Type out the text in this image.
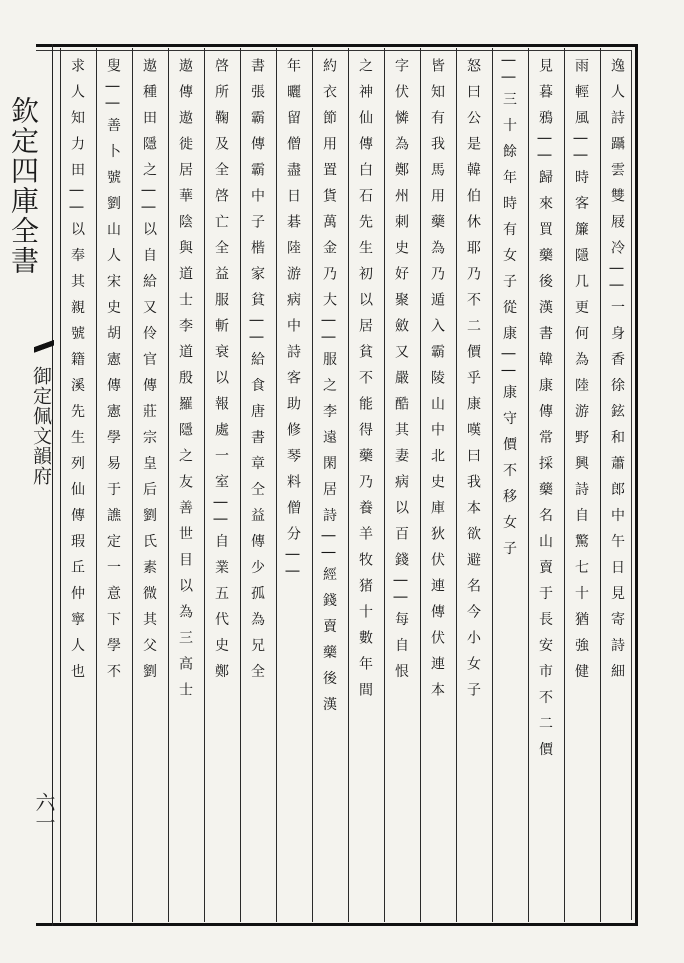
欽定四庫全書
御定佩文韻府
六一
逸人詩躡雲雙屐冷||一身香徐鉉和蕭郎中午日見寄詩細
雨輕風||時客簾隱几更何為陸游野興詩自驚七十猶強健
見暮鴉||歸來買藥後漢書韓康傳常採藥名山賣于長安市不二價
||三十餘年時有女子從康||康守價不移女子
怒曰公是韓伯休耶乃不二價乎康嘆曰我本欲避名今小女子
皆知有我馬用藥為乃遁入霸陵山中北史庫狄伏連傳伏連本
字伏憐為鄭州刺史好聚斂又嚴酷其妻病以百錢||每自恨
之神仙傳白石先生初以居貧不能得藥乃養羊牧猪十數年間
約衣節用置貨萬金乃大||服之李遠閑居詩||經錢賣藥後漢
年曬留僧盡日碁陸游病中詩客助修琴料僧分||
書張霸傳霸中子楷家貧||給食唐書章仝益傳少孤為兄全
啓所鞠及全啓亡全益服斬衰以報處一室||自業五代史鄭
遨傳遨徙居華陰與道士李道殷羅隱之友善世目以為三高士
遨種田隱之||以自給又伶官傳莊宗皇后劉氏素微其父劉
叟||善卜號劉山人宋史胡憲傳憲學易于譙定一意下學不
求人知力田||以奉其親號籍溪先生列仙傳瑕丘仲寧人也
